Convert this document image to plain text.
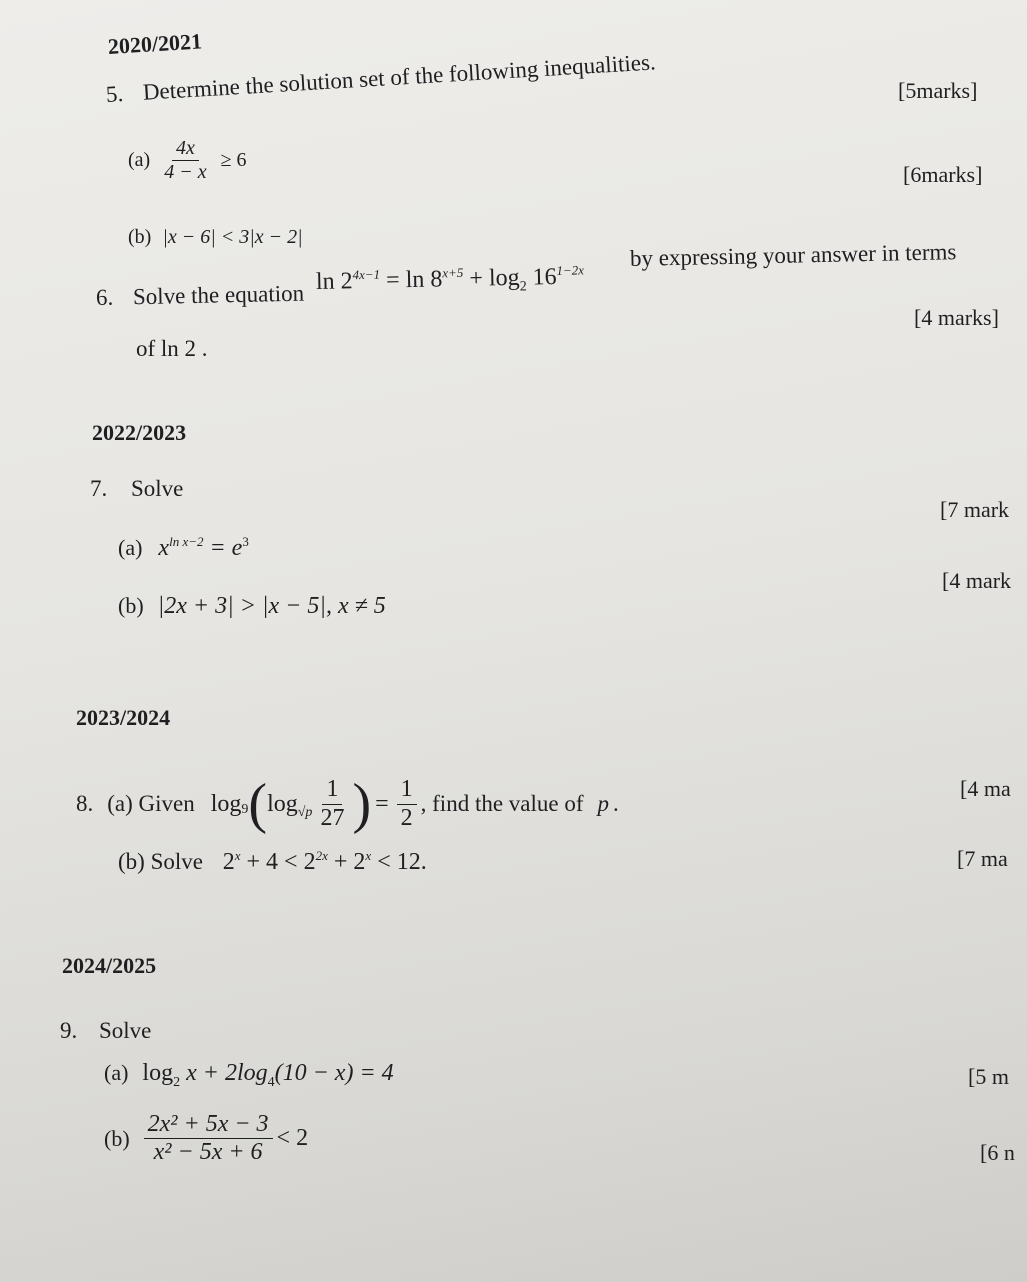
2020/2021
5. Determine the solution set of the following inequalities.	[5marks]
$(a) \frac{4x}{4 - x} \ge 6$
[6marks]
(b) |x − 6| < 3|x − 2|
6. Solve the equation $\ln 2^{4x-1} = \ln 8^{x+5} + \log_2 16^{1-2x}$ by expressing your answer in terms
[4 marks]
of ln 2 .
2022/2023
7. Solve
[7 mark
(a) $x^{ln x-2} = e^3$
[4 mark
(b) |2x + 3| > |x − 5|, x ≠ 5
2023/2024
8. (a) Given $\log_9$ ( $\log_{√p} \frac{1}{27}$ ) = $\frac{1}{2}$ , find the value of p .
[4 ma
(b) Solve $2^x + 4 < 2^{2x} + 2^x < 12$.	[7 ma
2024/2025
9. Solve
(a) $\log_2 x + 2\log_4(10 - x) = 4$	[5 m
$(b) \frac{\text{2x² + 5x − 3}}{\text{x² − 5x + 6}} < 2$
[6 n
